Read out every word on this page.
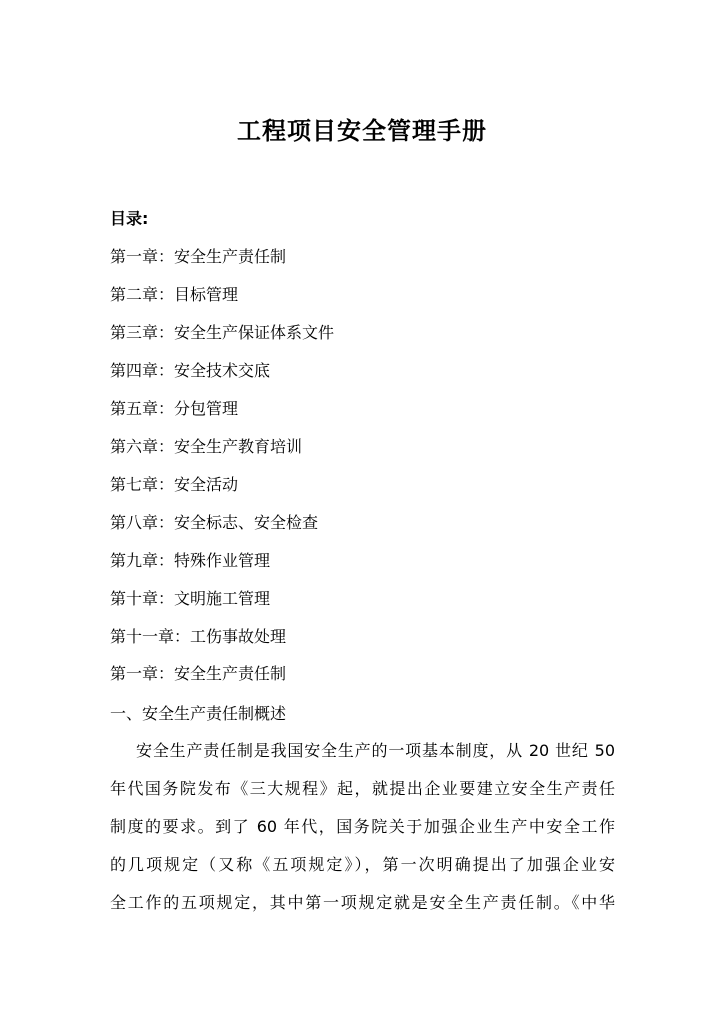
工程项目安全管理手册
目录:
第一章：安全生产责任制
第二章：目标管理
第三章：安全生产保证体系文件
第四章：安全技术交底
第五章：分包管理
第六章：安全生产教育培训
第七章：安全活动
第八章：安全标志、安全检查
第九章：特殊作业管理
第十章：文明施工管理
第十一章：工伤事故处理
第一章：安全生产责任制
一、安全生产责任制概述
安全生产责任制是我国安全生产的一项基本制度，从 20 世纪 50
年代国务院发布《三大规程》起，就提出企业要建立安全生产责任
制度的要求。到了 60 年代，国务院关于加强企业生产中安全工作
的几项规定（又称《五项规定》），第一次明确提出了加强企业安
全工作的五项规定，其中第一项规定就是安全生产责任制。《中华
